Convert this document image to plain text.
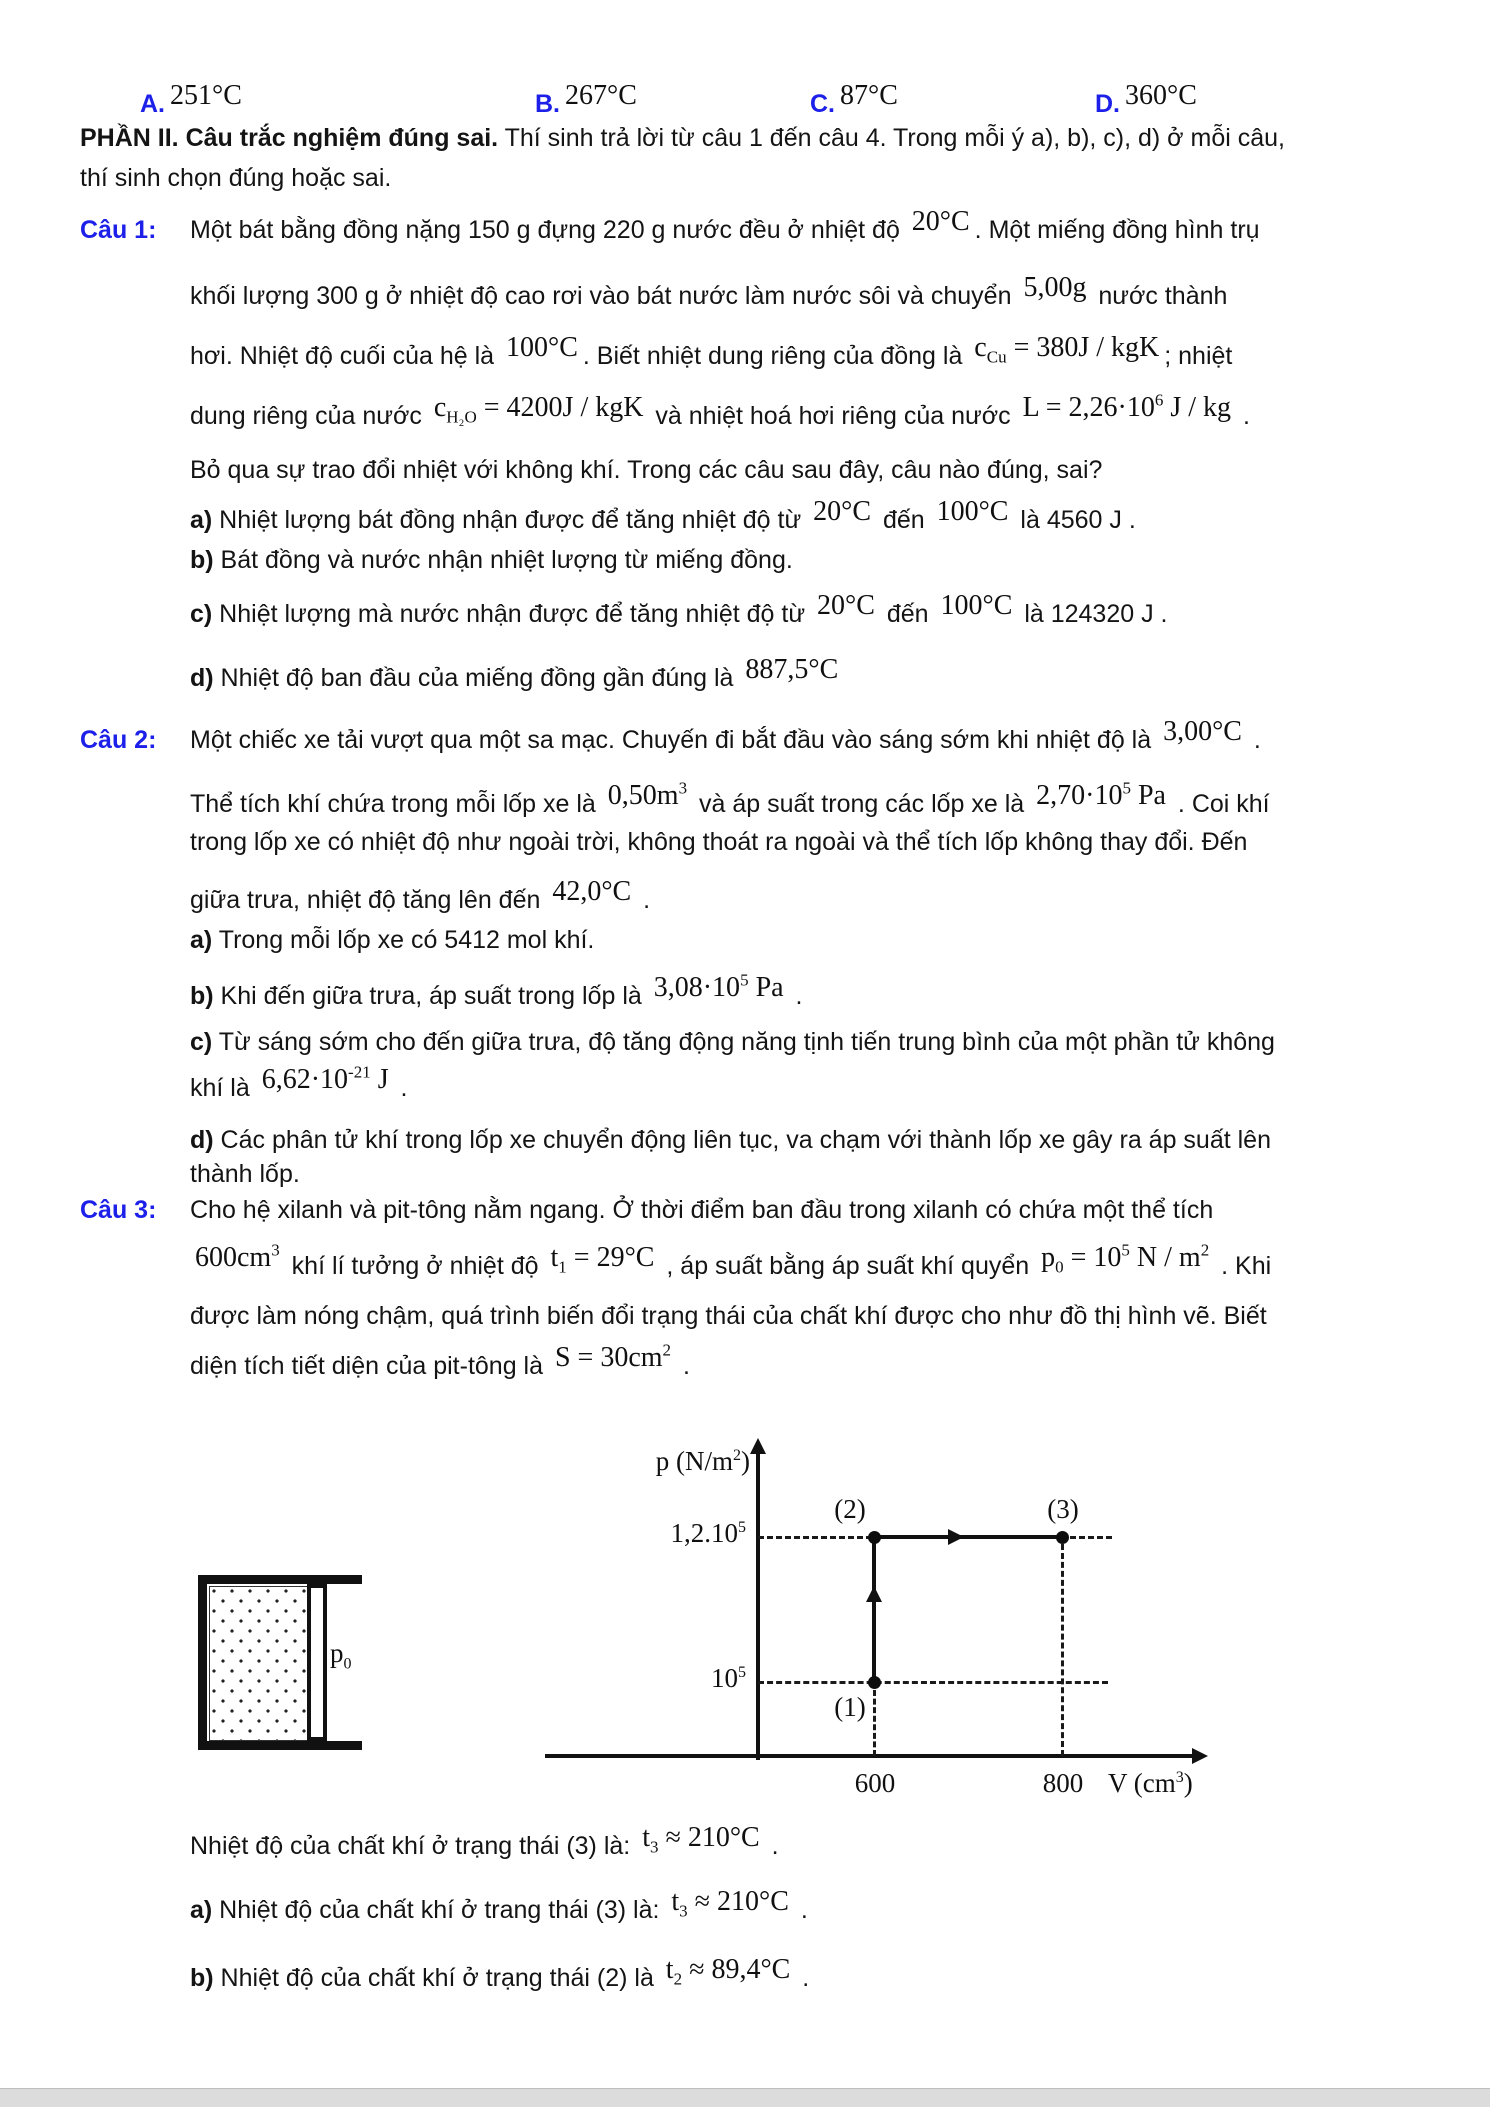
A. 251°C	B. 267°C	C. 87°C	D. 360°C
PHẦN II. Câu trắc nghiệm đúng sai. Thí sinh trả lời từ câu 1 đến câu 4. Trong mỗi ý a), b), c), d) ở mỗi câu,
thí sinh chọn đúng hoặc sai.
Câu 1: Một bát bằng đồng nặng 150 g đựng 220 g nước đều ở nhiệt độ 20°C . Một miếng đồng hình trụ
khối lượng 300 g ở nhiệt độ cao rơi vào bát nước làm nước sôi và chuyển 5,00g nước thành
hơi. Nhiệt độ cuối của hệ là 100°C . Biết nhiệt dung riêng của đồng là $c_{Cu} = 380J$ / kgK ; nhiệt
dung riêng của nước $c_{H_2O} = 4200J$ / kgK và nhiệt hoá hơi riêng của nước $L = 2,26\cdot 10^6$ J / kg .
Bỏ qua sự trao đổi nhiệt với không khí. Trong các câu sau đây, câu nào đúng, sai?
a) Nhiệt lượng bát đồng nhận được để tăng nhiệt độ từ 20°C đến 100°C là 4560 J .
b) Bát đồng và nước nhận nhiệt lượng từ miếng đồng.
c) Nhiệt lượng mà nước nhận được để tăng nhiệt độ từ 20°C đến 100°C là 124320 J .
d) Nhiệt độ ban đầu của miếng đồng gần đúng là 887,5°C
Câu 2: Một chiếc xe tải vượt qua một sa mạc. Chuyến đi bắt đầu vào sáng sớm khi nhiệt độ là 3,00°C .
Thể tích khí chứa trong mỗi lốp xe là $0,50m^3$ và áp suất trong các lốp xe là $2,70\cdot 10^5$ Pa . Coi khí
trong lốp xe có nhiệt độ như ngoài trời, không thoát ra ngoài và thể tích lốp không thay đổi. Đến
giữa trưa, nhiệt độ tăng lên đến 42,0°C .
a) Trong mỗi lốp xe có 5412 mol khí.
b) Khi đến giữa trưa, áp suất trong lốp là $3,08\cdot 10^5$ Pa .
c) Từ sáng sớm cho đến giữa trưa, độ tăng động năng tịnh tiến trung bình của một phần tử không
khí là $6,62\cdot 10^{-21}$ J .
d) Các phân tử khí trong lốp xe chuyển động liên tục, va chạm với thành lốp xe gây ra áp suất lên
thành lốp.
Câu 3: Cho hệ xilanh và pit-tông nằm ngang. Ở thời điểm ban đầu trong xilanh có chứa một thể tích
$600cm^3$ khí lí tưởng ở nhiệt độ $t_1 = 29^\circ C$ , áp suất bằng áp suất khí quyển $p_0 = 10^5$ N / $m^2$ . Khi
được làm nóng chậm, quá trình biến đổi trạng thái của chất khí được cho như đồ thị hình vẽ. Biết
diện tích tiết diện của pit-tông là $S = 30cm^2$ .
$p_0$
p $(N/m^2)$
1,2.10$^5$
$10^5$
(2)	(3)
(1)
600	800 V $(cm^3)$
Nhiệt độ của chất khí ở trạng thái (3) là: $t_3 \approx 210^\circ C$ .
a) Nhiệt độ của chất khí ở trang thái (3) là: $t_3 \approx 210^\circ C$ .
b) Nhiệt độ của chất khí ở trạng thái (2) là $t_2 \approx 89,4^\circ C$ .
